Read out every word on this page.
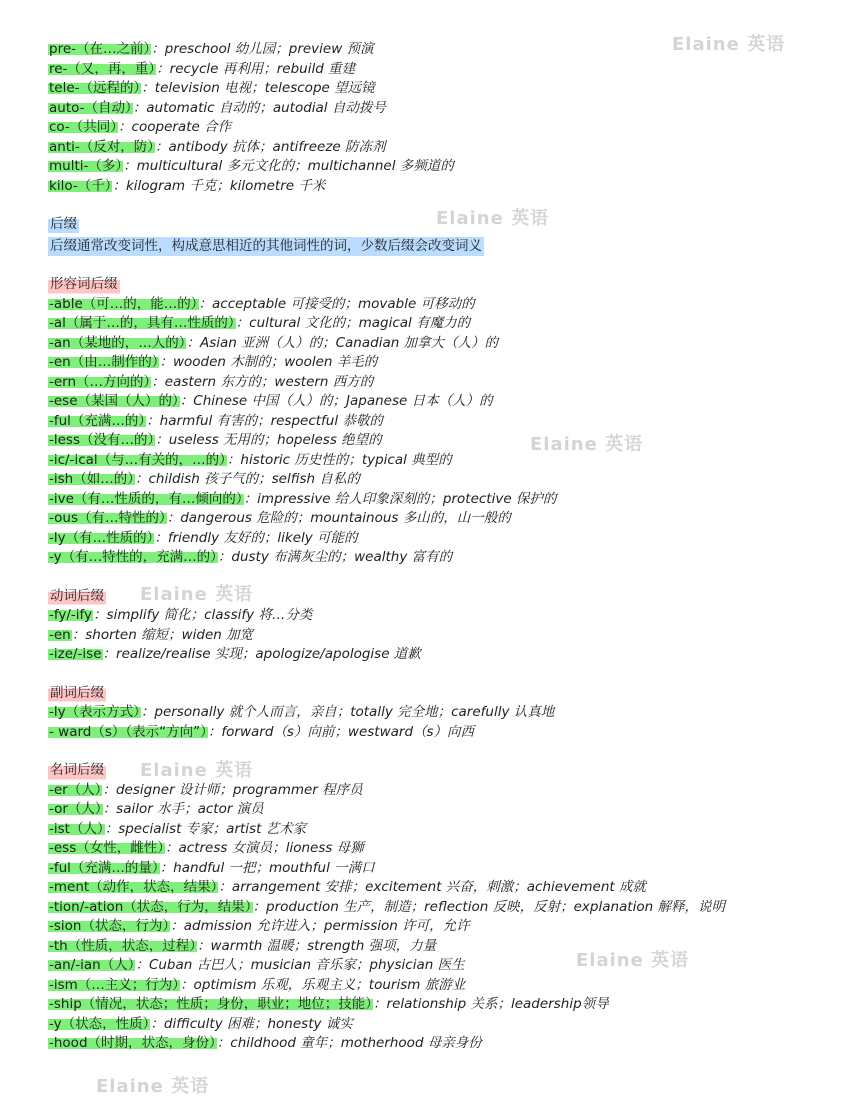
pre-（在…之前）：preschool 幼儿园；preview 预演
re-（又，再，重）：recycle 再利用；rebuild 重建
tele-（远程的）：television 电视；telescope 望远镜
auto-（自动）：automatic 自动的；autodial 自动拨号
co-（共同）：cooperate 合作
anti-（反对，防）：antibody 抗体；antifreeze 防冻剂
multi-（多）：multicultural 多元文化的；multichannel 多频道的
kilo-（千）：kilogram 千克；kilometre 千米
后缀
后缀通常改变词性，构成意思相近的其他词性的词，少数后缀会改变词义
形容词后缀
-able（可…的，能…的）：acceptable 可接受的；movable 可移动的
-al（属于…的，具有…性质的）：cultural 文化的；magical 有魔力的
-an（某地的，…人的）：Asian 亚洲（人）的；Canadian 加拿大（人）的
-en（由…制作的）：wooden 木制的；woolen 羊毛的
-ern（…方向的）：eastern 东方的；western 西方的
-ese（某国（人）的）：Chinese 中国（人）的；Japanese 日本（人）的
-ful（充满…的）：harmful 有害的；respectful 恭敬的
-less（没有…的）：useless 无用的；hopeless 绝望的
-ic/-ical（与…有关的，…的）：historic 历史性的；typical 典型的
-ish（如…的）：childish 孩子气的；selfish 自私的
-ive（有…性质的，有…倾向的）：impressive 给人印象深刻的；protective 保护的
-ous（有…特性的）：dangerous 危险的；mountainous 多山的，山一般的
-ly（有…性质的）：friendly 友好的；likely 可能的
-y（有…特性的，充满…的）：dusty 布满灰尘的；wealthy 富有的
动词后缀
-fy/-ify：simplify 简化；classify 将…分类
-en：shorten 缩短；widen 加宽
-ize/-ise：realize/realise 实现；apologize/apologise 道歉
副词后缀
-ly（表示方式）：personally 就个人而言，亲自；totally 完全地；carefully 认真地
- ward（s）（表示“方向”）：forward（s）向前；westward（s）向西
名词后缀
-er（人）：designer 设计师；programmer 程序员
-or（人）：sailor 水手；actor 演员
-ist（人）：specialist 专家；artist 艺术家
-ess（女性，雌性）：actress 女演员；lioness 母狮
-ful（充满…的量）：handful 一把；mouthful 一满口
-ment（动作，状态，结果）：arrangement 安排；excitement 兴奋，刺激；achievement 成就
-tion/-ation（状态，行为，结果）：production 生产，制造；reflection 反映，反射；explanation 解释，说明
-sion（状态，行为）：admission 允许进入；permission 许可，允许
-th（性质，状态，过程）：warmth 温暖；strength 强项，力量
-an/-ian（人）：Cuban 古巴人；musician 音乐家；physician 医生
-ism（…主义；行为）：optimism 乐观，乐观主义；tourism 旅游业
-ship（情况，状态；性质；身份，职业；地位；技能）：relationship 关系；leadership领导
-y（状态，性质）：difficulty 困难；honesty 诚实
-hood（时期，状态，身份）：childhood 童年；motherhood 母亲身份
Elaine 英语
Elaine 英语
Elaine 英语
Elaine 英语
Elaine 英语
Elaine 英语
Elaine 英语
